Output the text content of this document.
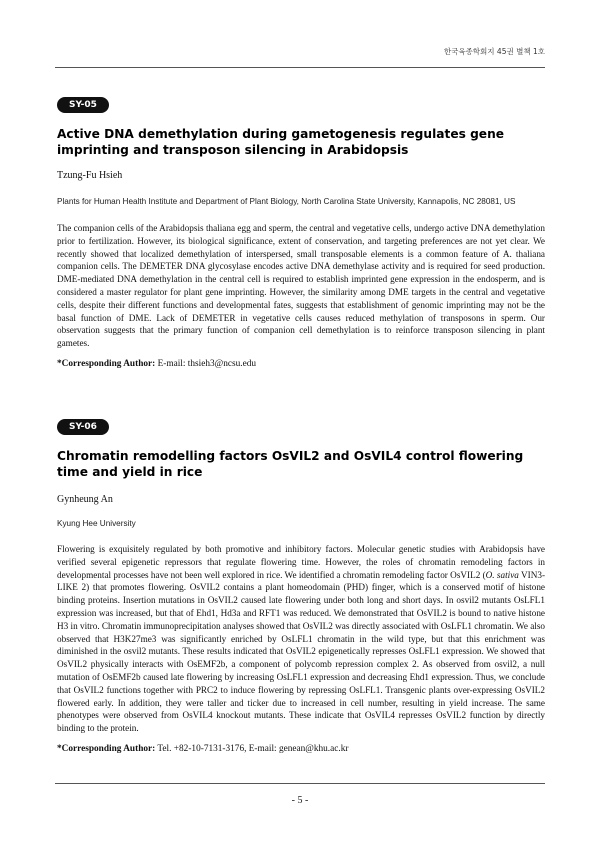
한국육종학회지 45권 별책 1호
SY-05
Active DNA demethylation during gametogenesis regulates gene imprinting and transposon silencing in Arabidopsis
Tzung-Fu Hsieh
Plants for Human Health Institute and Department of Plant Biology, North Carolina State University, Kannapolis, NC 28081, US

The companion cells of the Arabidopsis thaliana egg and sperm, the central and vegetative cells, undergo active DNA demethylation prior to fertilization. However, its biological significance, extent of conservation, and targeting preferences are not yet clear. We recently showed that localized demethylation of interspersed, small transposable elements is a common feature of A. thaliana companion cells. The DEMETER DNA glycosylase encodes active DNA demethylase activity and is required for seed production. DME-mediated DNA demethylation in the central cell is required to establish imprinted gene expression in the endosperm, and is considered a master regulator for plant gene imprinting. However, the similarity among DME targets in the central and vegetative cells, despite their different functions and developmental fates, suggests that establishment of genomic imprinting may not be the basal function of DME. Lack of DEMETER in vegetative cells causes reduced methylation of transposons in sperm. Our observation suggests that the primary function of companion cell demethylation is to reinforce transposon silencing in plant gametes.

*Corresponding Author: E-mail: thsieh3@ncsu.edu
SY-06
Chromatin remodelling factors OsVIL2 and OsVIL4 control flowering time and yield in rice
Gynheung An
Kyung Hee University

Flowering is exquisitely regulated by both promotive and inhibitory factors. Molecular genetic studies with Arabidopsis have verified several epigenetic repressors that regulate flowering time. However, the roles of chromatin remodeling factors in developmental processes have not been well explored in rice. We identified a chromatin remodeling factor OsVIL2 (O. sativa VIN3-LIKE 2) that promotes flowering. OsVIL2 contains a plant homeodomain (PHD) finger, which is a conserved motif of histone binding proteins. Insertion mutations in OsVIL2 caused late flowering under both long and short days. In osvil2 mutants OsLFL1 expression was increased, but that of Ehd1, Hd3a and RFT1 was reduced. We demonstrated that OsVIL2 is bound to native histone H3 in vitro. Chromatin immunoprecipitation analyses showed that OsVIL2 was directly associated with OsLFL1 chromatin. We also observed that H3K27me3 was significantly enriched by OsLFL1 chromatin in the wild type, but that this enrichment was diminished in the osvil2 mutants. These results indicated that OsVIL2 epigenetically represses OsLFL1 expression. We showed that OsVIL2 physically interacts with OsEMF2b, a component of polycomb repression complex 2. As observed from osvil2, a null mutation of OsEMF2b caused late flowering by increasing OsLFL1 expression and decreasing Ehd1 expression. Thus, we conclude that OsVIL2 functions together with PRC2 to induce flowering by repressing OsLFL1. Transgenic plants over-expressing OsVIL2 flowered early. In addition, they were taller and ticker due to increased in cell number, resulting in yield increase. The same phenotypes were observed from OsVIL4 knockout mutants. These indicate that OsVIL4 represses OsVIL2 function by directly binding to the protein.

*Corresponding Author: Tel. +82-10-7131-3176, E-mail: genean@khu.ac.kr
- 5 -
